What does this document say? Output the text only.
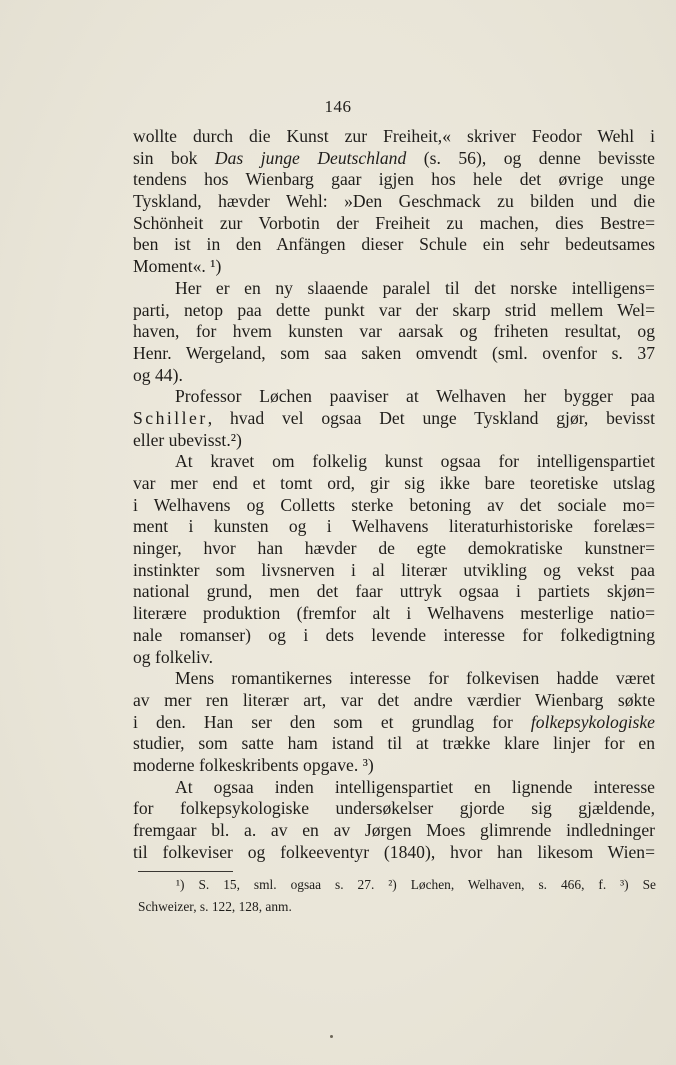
146
wollte durch die Kunst zur Freiheit,« skriver Feodor Wehl i
sin bok Das junge Deutschland (s. 56), og denne bevisste
tendens hos Wienbarg gaar igjen hos hele det øvrige unge
Tyskland, hævder Wehl: »Den Geschmack zu bilden und die
Schönheit zur Vorbotin der Freiheit zu machen, dies Bestre=
ben ist in den Anfängen dieser Schule ein sehr bedeutsames
Moment«. ¹)
Her er en ny slaaende paralel til det norske intelligens=
parti, netop paa dette punkt var der skarp strid mellem Wel=
haven, for hvem kunsten var aarsak og friheten resultat, og
Henr. Wergeland, som saa saken omvendt (sml. ovenfor s. 37
og 44).
Professor Løchen paaviser at Welhaven her bygger paa
Schiller, hvad vel ogsaa Det unge Tyskland gjør, bevisst
eller ubevisst.²)
At kravet om folkelig kunst ogsaa for intelligenspartiet
var mer end et tomt ord, gir sig ikke bare teoretiske utslag
i Welhavens og Colletts sterke betoning av det sociale mo=
ment i kunsten og i Welhavens literaturhistoriske forelæs=
ninger, hvor han hævder de egte demokratiske kunstner=
instinkter som livsnerven i al literær utvikling og vekst paa
national grund, men det faar uttryk ogsaa i partiets skjøn=
literære produktion (fremfor alt i Welhavens mesterlige natio=
nale romanser) og i dets levende interesse for folkedigtning
og folkeliv.
Mens romantikernes interesse for folkevisen hadde været
av mer ren literær art, var det andre værdier Wienbarg søkte
i den. Han ser den som et grundlag for folkepsykologiske
studier, som satte ham istand til at trække klare linjer for en
moderne folkeskribents opgave. ³)
At ogsaa inden intelligenspartiet en lignende interesse
for folkepsykologiske undersøkelser gjorde sig gjældende,
fremgaar bl. a. av en av Jørgen Moes glimrende indledninger
til folkeviser og folkeeventyr (1840), hvor han likesom Wien=
¹) S. 15, sml. ogsaa s. 27. ²) Løchen, Welhaven, s. 466, f. ³) Se
Schweizer, s. 122, 128, anm.
